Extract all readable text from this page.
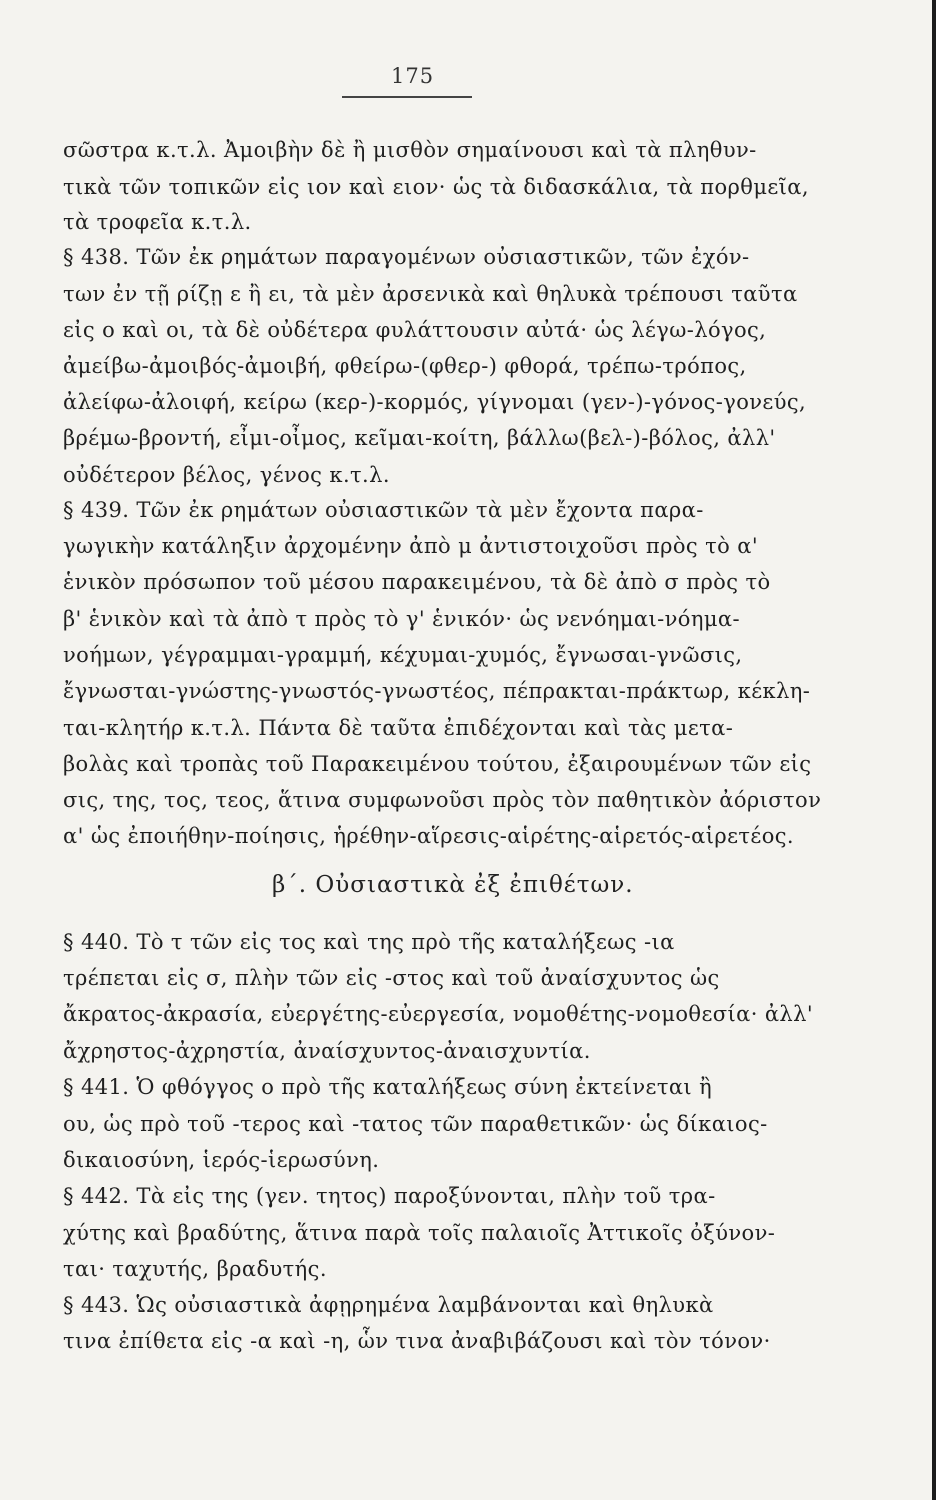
175
σῶστρα κ.τ.λ. Ἀμοιβὴν δὲ ἢ μισθὸν σημαίνουσι καὶ τὰ πληθυν-
τικὰ τῶν τοπικῶν εἰς ιον καὶ ειον· ὡς τὰ διδασκάλια, τὰ πορθμεῖα,
τὰ τροφεῖα κ.τ.λ.
§ 438. Τῶν ἐκ ρημάτων παραγομένων οὐσιαστικῶν, τῶν ἐχόν-
των ἐν τῇ ρίζῃ ε ἢ ει, τὰ μὲν ἀρσενικὰ καὶ θηλυκὰ τρέπουσι ταῦτα
εἰς ο καὶ οι, τὰ δὲ οὐδέτερα φυλάττουσιν αὐτά· ὡς λέγω-λόγος,
ἀμείβω-ἀμοιβός-ἀμοιβή, φθείρω-(φθερ-) φθορά, τρέπω-τρόπος,
ἀλείφω-ἀλοιφή, κείρω (κερ-)-κορμός, γίγνομαι (γεν-)-γόνος-γονεύς,
βρέμω-βροντή, εἶμι-οἶμος, κεῖμαι-κοίτη, βάλλω(βελ-)-βόλος, ἀλλ'
οὐδέτερον βέλος, γένος κ.τ.λ.
§ 439. Τῶν ἐκ ρημάτων οὐσιαστικῶν τὰ μὲν ἔχοντα παρα-
γωγικὴν κατάληξιν ἀρχομένην ἀπὸ μ ἀντιστοιχοῦσι πρὸς τὸ α'
ἑνικὸν πρόσωπον τοῦ μέσου παρακειμένου, τὰ δὲ ἀπὸ σ πρὸς τὸ
β' ἑνικὸν καὶ τὰ ἀπὸ τ πρὸς τὸ γ' ἑνικόν· ὡς νενόημαι-νόημα-
νοήμων, γέγραμμαι-γραμμή, κέχυμαι-χυμός, ἔγνωσαι-γνῶσις,
ἔγνωσται-γνώστης-γνωστός-γνωστέος, πέπρακται-πράκτωρ, κέκλη-
ται-κλητήρ κ.τ.λ. Πάντα δὲ ταῦτα ἐπιδέχονται καὶ τὰς μετα-
βολὰς καὶ τροπὰς τοῦ Παρακειμένου τούτου, ἐξαιρουμένων τῶν εἰς
σις, της, τος, τεος, ἅτινα συμφωνοῦσι πρὸς τὸν παθητικὸν ἀόριστον
α' ὡς ἐποιήθην-ποίησις, ἡρέθην-αἵρεσις-αἱρέτης-αἱρετός-αἱρετέος.
β΄. Οὐσιαστικὰ ἐξ ἐπιθέτων.
§ 440. Τὸ τ τῶν εἰς τος καὶ της πρὸ τῆς καταλήξεως -ια
τρέπεται εἰς σ, πλὴν τῶν εἰς -στος καὶ τοῦ ἀναίσχυντος ὡς
ἄκρατος-ἀκρασία, εὐεργέτης-εὐεργεσία, νομοθέτης-νομοθεσία· ἀλλ'
ἄχρηστος-ἀχρηστία, ἀναίσχυντος-ἀναισχυντία.
§ 441. Ὁ φθόγγος ο πρὸ τῆς καταλήξεως σύνη ἐκτείνεται ἢ
ου, ὡς πρὸ τοῦ -τερος καὶ -τατος τῶν παραθετικῶν· ὡς δίκαιος-
δικαιοσύνη, ἱερός-ἱερωσύνη.
§ 442. Τὰ εἰς της (γεν. τητος) παροξύνονται, πλὴν τοῦ τρα-
χύτης καὶ βραδύτης, ἅτινα παρὰ τοῖς παλαιοῖς Ἀττικοῖς ὀξύνον-
ται· ταχυτής, βραδυτής.
§ 443. Ὡς οὐσιαστικὰ ἀφῃρημένα λαμβάνονται καὶ θηλυκὰ
τινα ἐπίθετα εἰς -α καὶ -η, ὧν τινα ἀναβιβάζουσι καὶ τὸν τόνον·
